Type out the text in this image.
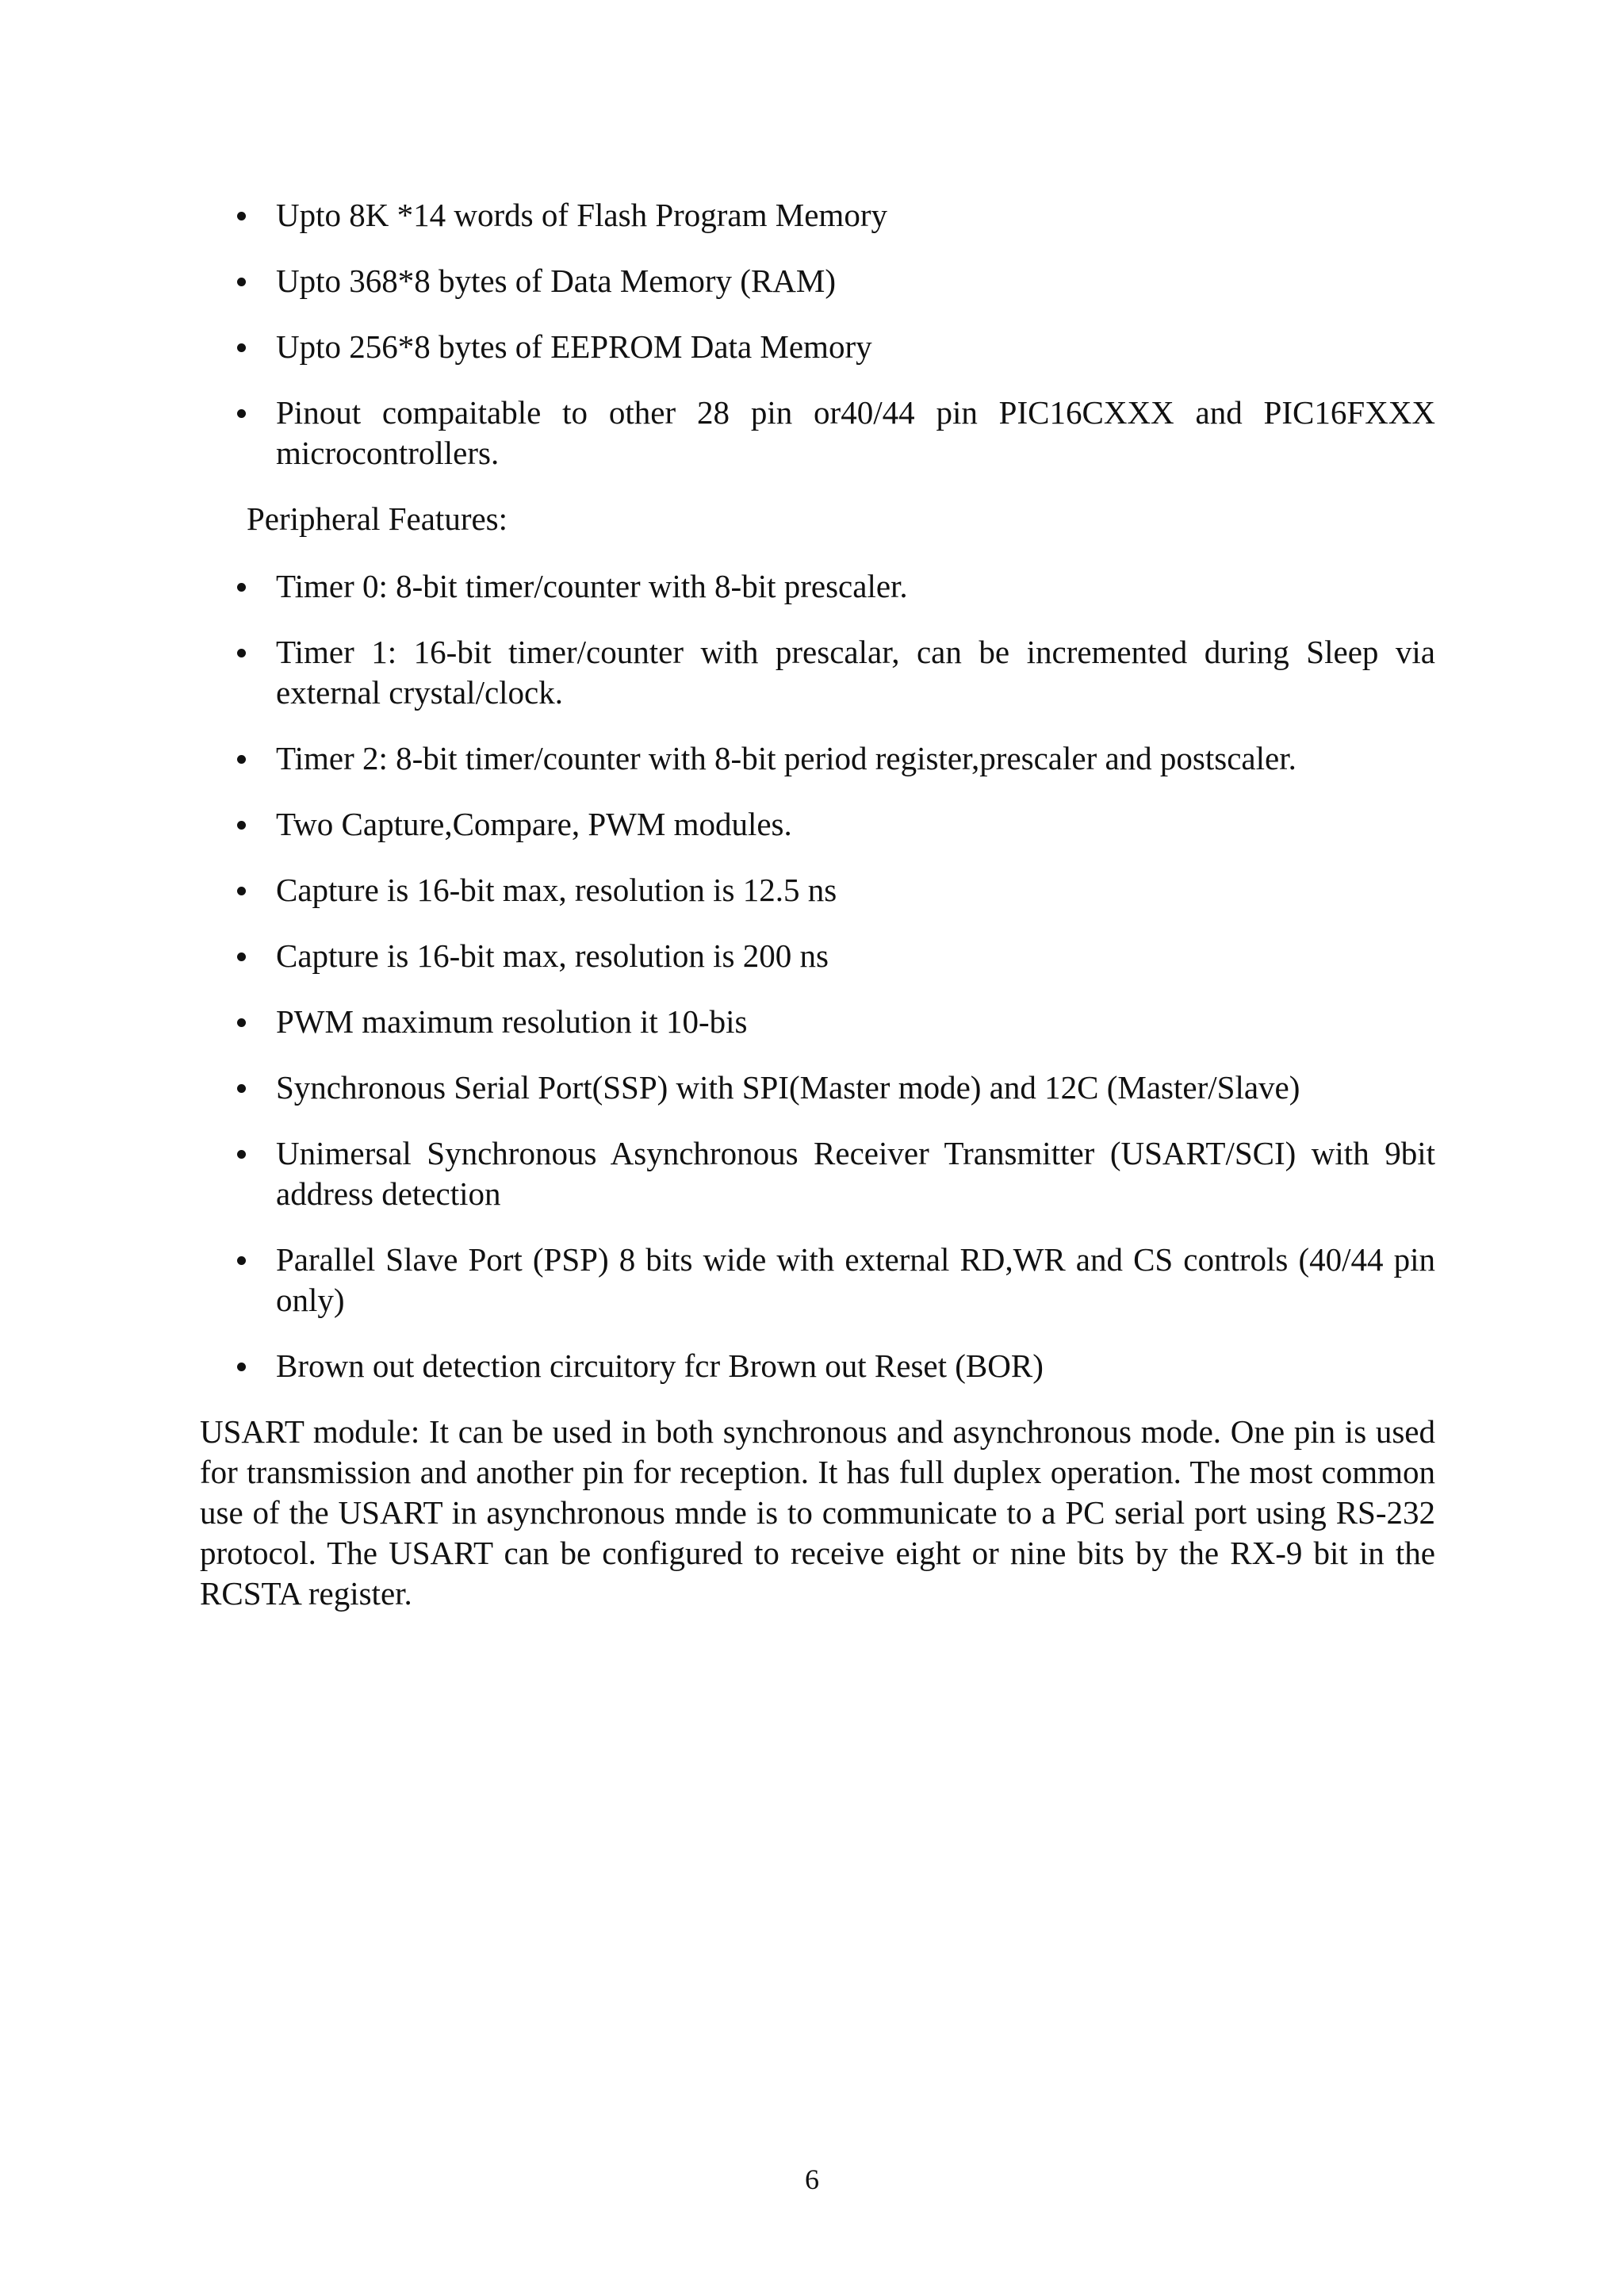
Upto 8K *14 words of Flash Program Memory
Upto 368*8 bytes of Data Memory (RAM)
Upto 256*8 bytes of EEPROM Data Memory
Pinout compaitable to other 28 pin or40/44 pin PIC16CXXX and PIC16FXXX microcontrollers.
Peripheral Features:
Timer 0: 8-bit timer/counter with 8-bit prescaler.
Timer 1: 16-bit timer/counter with prescalar, can be incremented during Sleep via external crystal/clock.
Timer 2: 8-bit timer/counter with 8-bit period register,prescaler and postscaler.
Two Capture,Compare, PWM modules.
Capture is 16-bit max, resolution is 12.5 ns
Capture is 16-bit max, resolution is 200 ns
PWM maximum resolution it 10-bis
Synchronous Serial Port(SSP) with SPI(Master mode) and 12C (Master/Slave)
Unimersal Synchronous Asynchronous Receiver Transmitter (USART/SCI) with 9bit address detection
Parallel Slave Port (PSP) 8 bits wide with external RD,WR and CS controls (40/44 pin only)
Brown out detection circuitory fcr Brown out Reset (BOR)

USART module: It can be used in both synchronous and asynchronous mode. One pin is used for transmission and another pin for reception. It has full duplex operation. The most common use of the USART in asynchronous mnde is to communicate to a PC serial port using RS-232 protocol. The USART can be configured to receive eight or nine bits by the RX-9 bit in the RCSTA register.

6
